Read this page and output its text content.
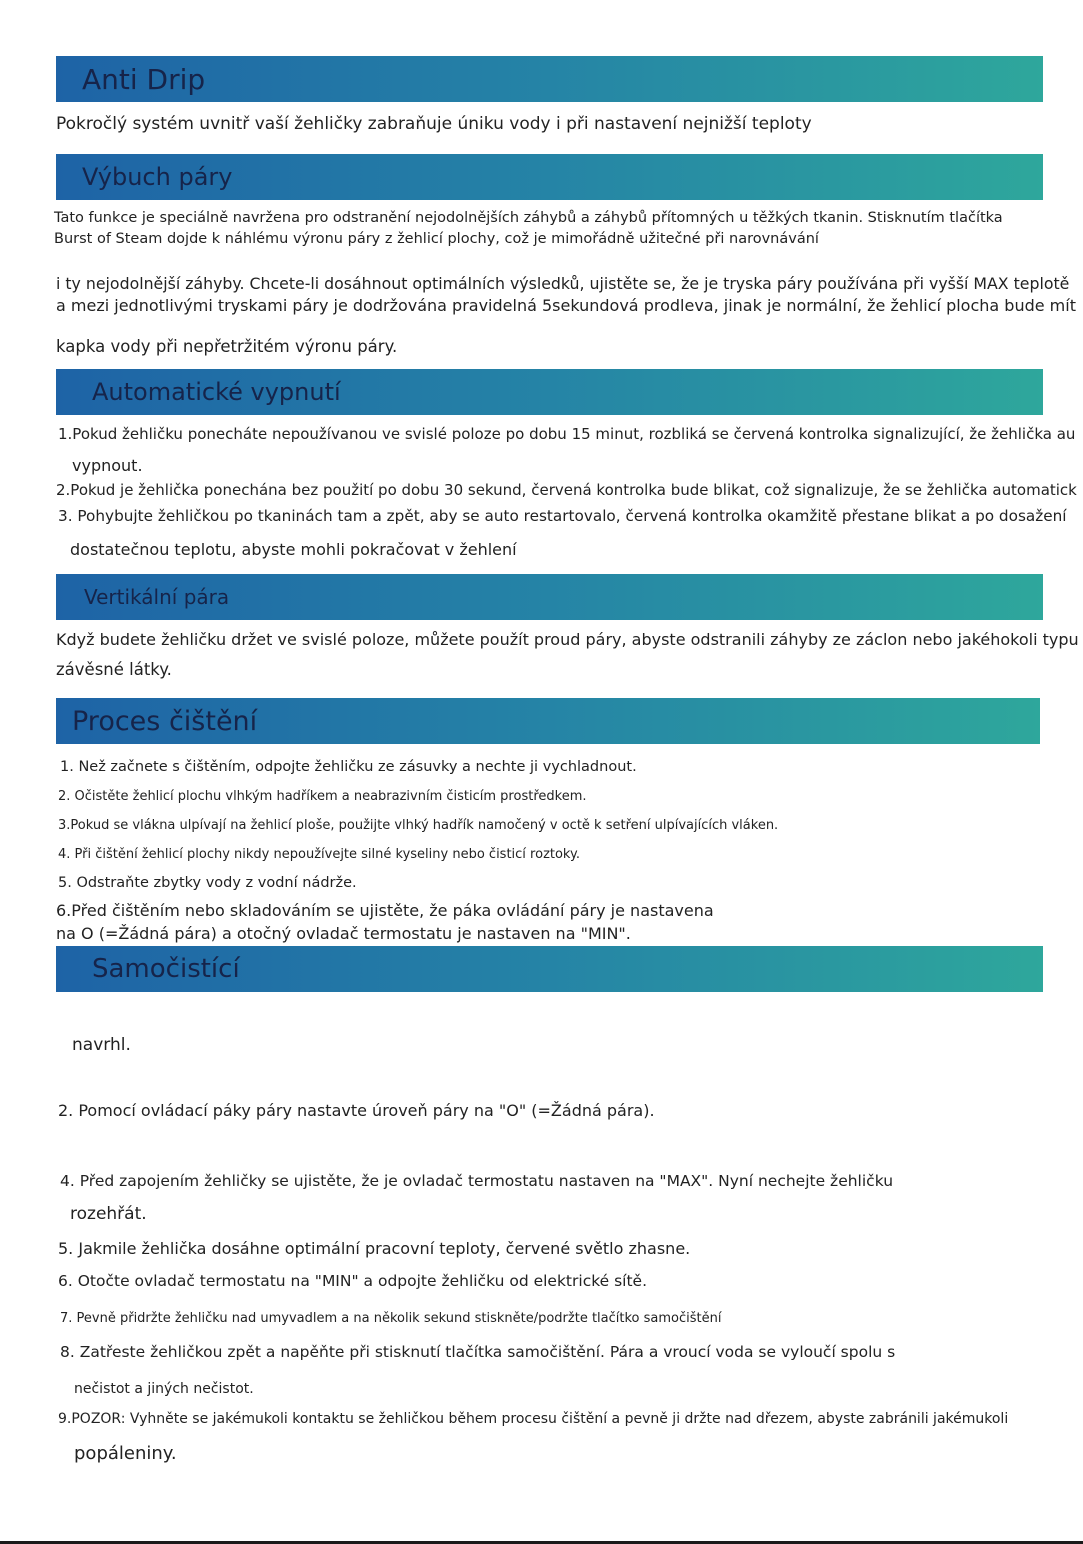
Anti Drip
Pokročlý systém uvnitř vaší žehličky zabraňuje úniku vody i při nastavení nejnižší teploty
Výbuch páry
Tato funkce je speciálně navržena pro odstranění nejodolnějších záhybů a záhybů přítomných u těžkých tkanin. Stisknutím tlačítka
Burst of Steam dojde k náhlému výronu páry z žehlicí plochy, což je mimořádně užitečné při narovnávání
i ty nejodolnější záhyby. Chcete-li dosáhnout optimálních výsledků, ujistěte se, že je tryska páry používána při vyšší MAX teplotě
a mezi jednotlivými tryskami páry je dodržována pravidelná 5sekundová prodleva, jinak je normální, že žehlicí plocha bude mít
kapka vody při nepřetržitém výronu páry.
Automatické vypnutí
1.Pokud žehličku ponecháte nepoužívanou ve svislé poloze po dobu 15 minut, rozbliká se červená kontrolka signalizující, že žehlička au
vypnout.
2.Pokud je žehlička ponechána bez použití po dobu 30 sekund, červená kontrolka bude blikat, což signalizuje, že se žehlička automatick
3. Pohybujte žehličkou po tkaninách tam a zpět, aby se auto restartovalo, červená kontrolka okamžitě přestane blikat a po dosažení
dostatečnou teplotu, abyste mohli pokračovat v žehlení
Vertikální pára
Když budete žehličku držet ve svislé poloze, můžete použít proud páry, abyste odstranili záhyby ze záclon nebo jakéhokoli typu
závěsné látky.
Proces čištění
1. Než začnete s čištěním, odpojte žehličku ze zásuvky a nechte ji vychladnout.
2. Očistěte žehlicí plochu vlhkým hadříkem a neabrazivním čisticím prostředkem.
3.Pokud se vlákna ulpívají na žehlicí ploše, použijte vlhký hadřík namočený v octě k setření ulpívajících vláken.
4. Při čištění žehlicí plochy nikdy nepoužívejte silné kyseliny nebo čisticí roztoky.
5. Odstraňte zbytky vody z vodní nádrže.
6.Před čištěním nebo skladováním se ujistěte, že páka ovládání páry je nastavena
na O (=Žádná pára) a otočný ovladač termostatu je nastaven na "MIN".
Samočistící
navrhl.
2. Pomocí ovládací páky páry nastavte úroveň páry na "O" (=Žádná pára).
4. Před zapojením žehličky se ujistěte, že je ovladač termostatu nastaven na "MAX". Nyní nechejte žehličku
rozehřát.
5. Jakmile žehlička dosáhne optimální pracovní teploty, červené světlo zhasne.
6. Otočte ovladač termostatu na "MIN" a odpojte žehličku od elektrické sítě.
7. Pevně přidržte žehličku nad umyvadlem a na několik sekund stiskněte/podržte tlačítko samočištění
8. Zatřeste žehličkou zpět a napěňte při stisknutí tlačítka samočištění. Pára a vroucí voda se vyloučí spolu s
nečistot a jiných nečistot.
9.POZOR: Vyhněte se jakémukoli kontaktu se žehličkou během procesu čištění a pevně ji držte nad dřezem, abyste zabránili jakémukoli
popáleniny.
